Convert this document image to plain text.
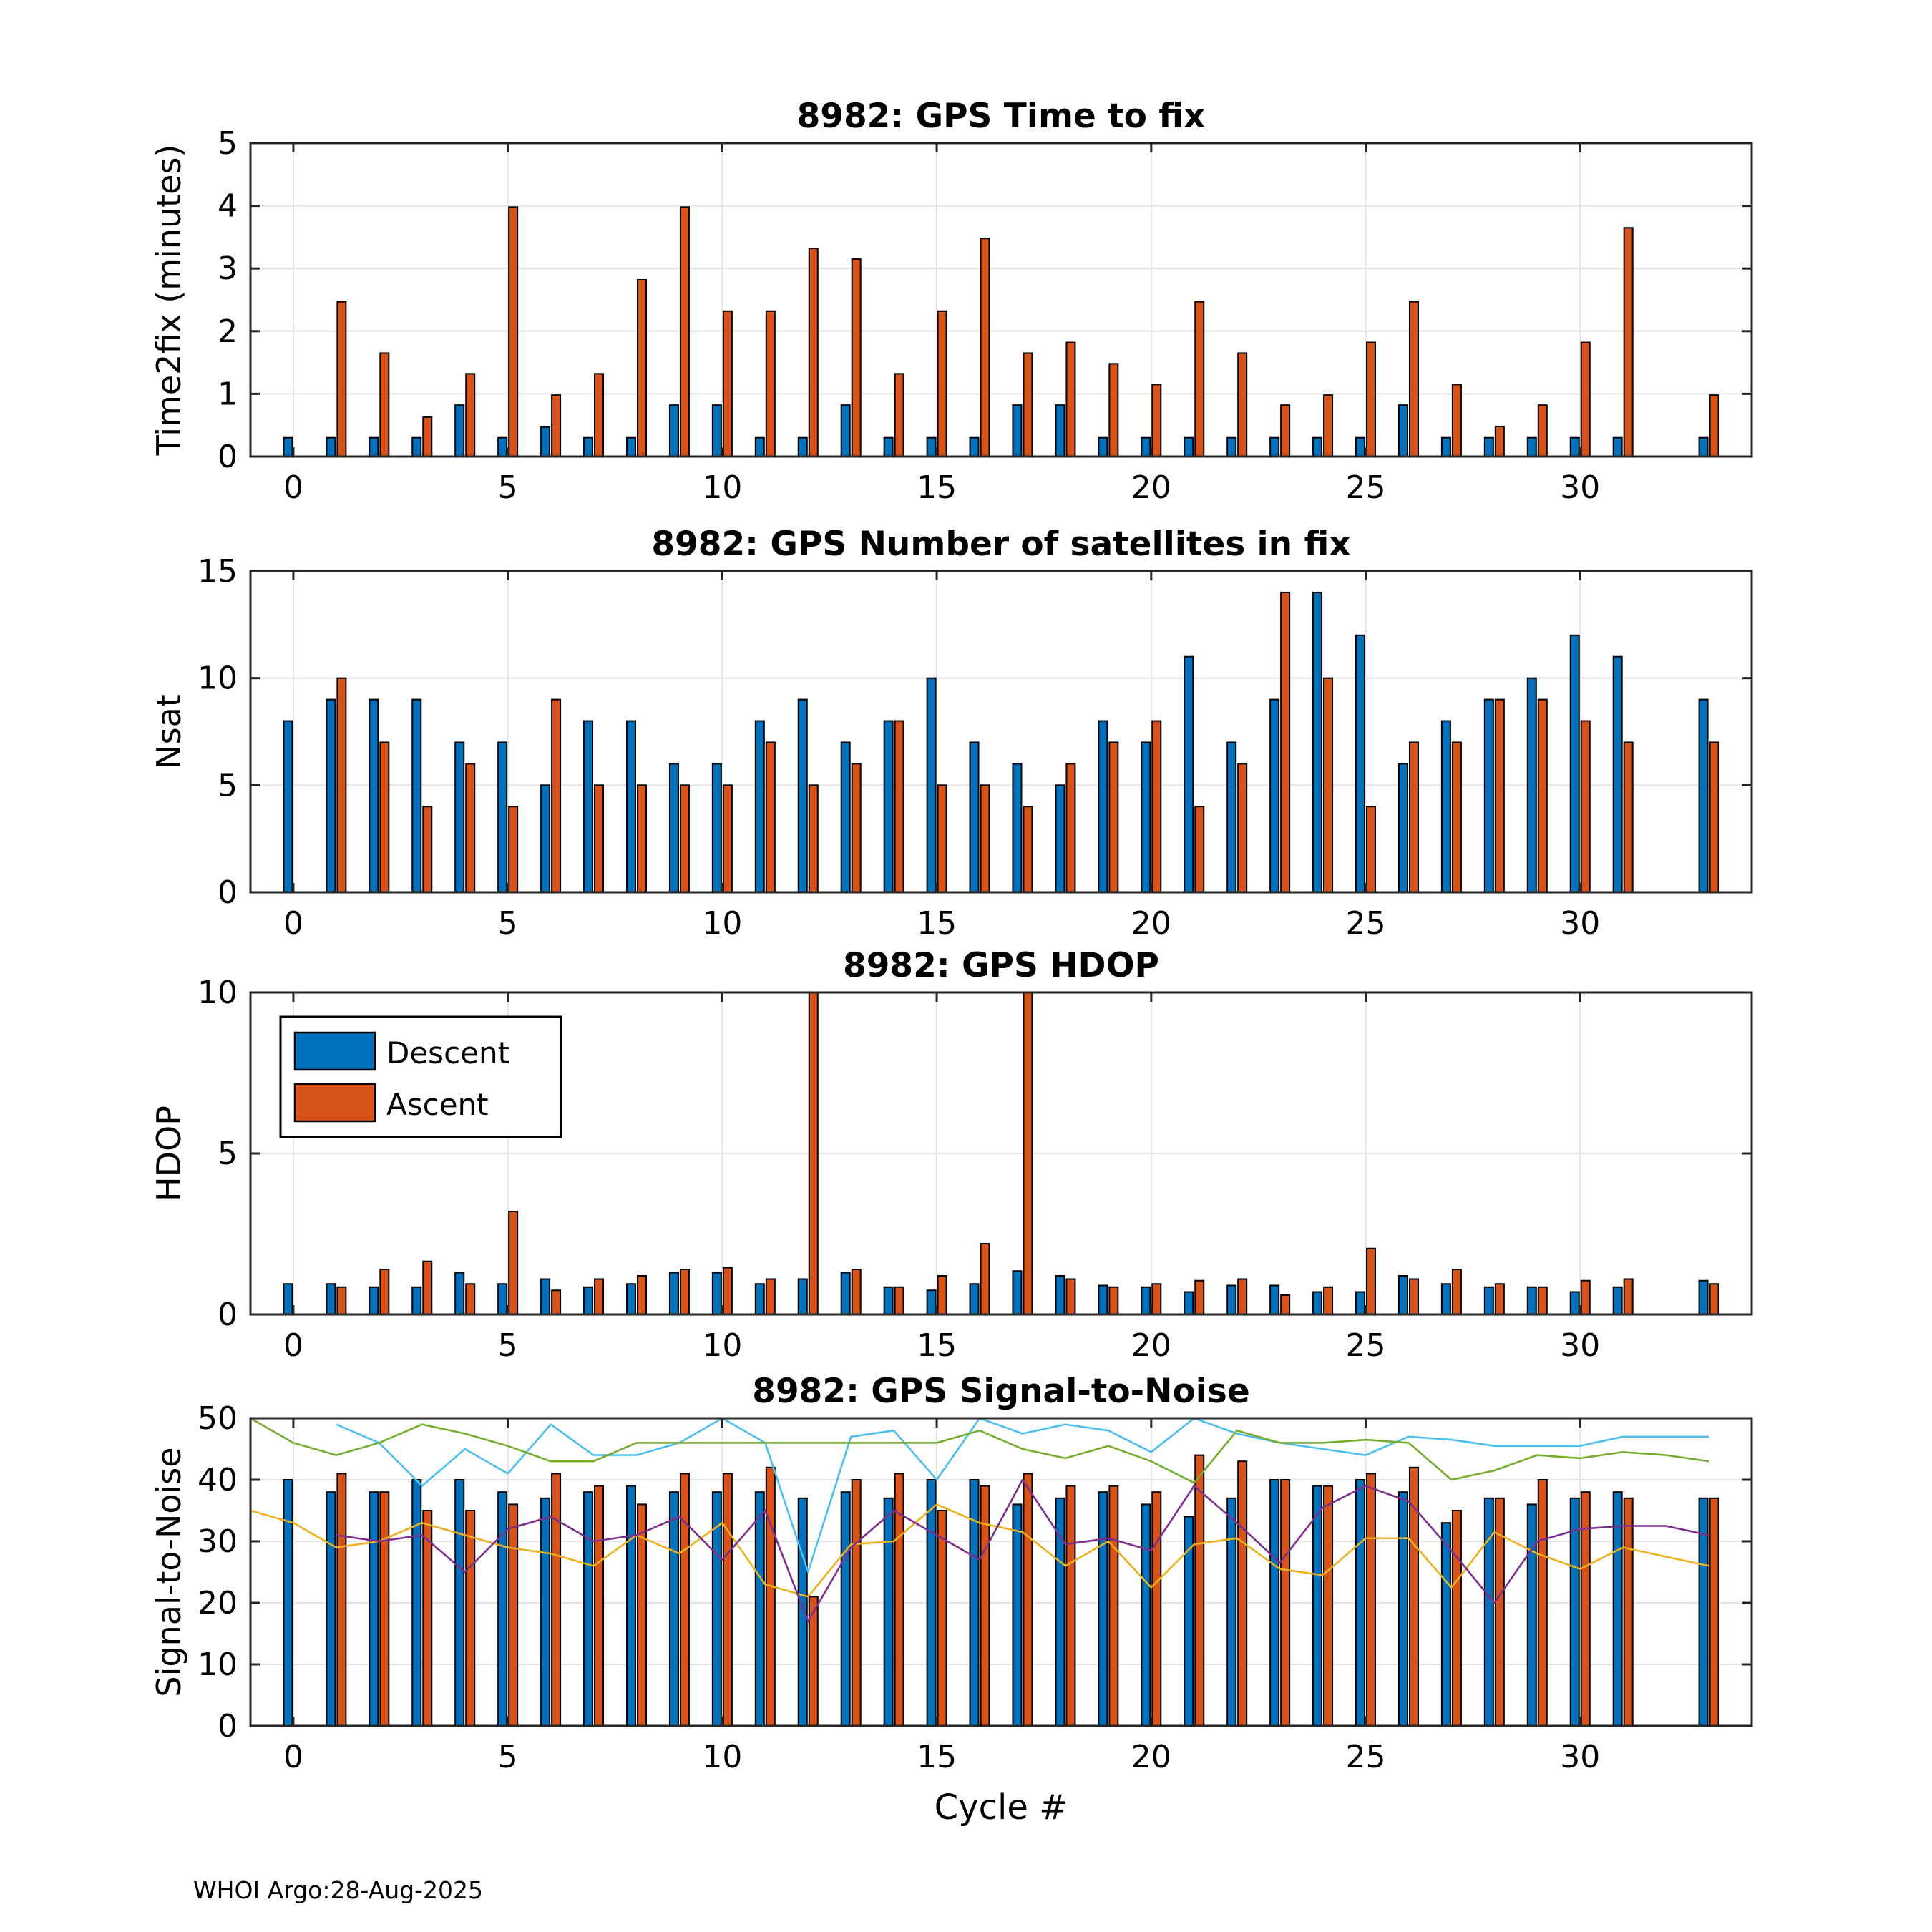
0	5	10	15	20	25	30
0
1
2
3
4
5
8982: GPS Time to fix
Time2fix (minutes)
0	5	10	15	20	25	30
0
5
10
15
8982: GPS Number of satellites in fix
Nsat
0	5	10	15	20	25	30
0
5
10
8982: GPS HDOP
HDOP
Descent
Ascent
0	5	10	15	20	25	30
0
10
20
30
40
50
8982: GPS Signal-to-Noise
Signal-to-Noise
Cycle #
WHOI Argo:28-Aug-2025
